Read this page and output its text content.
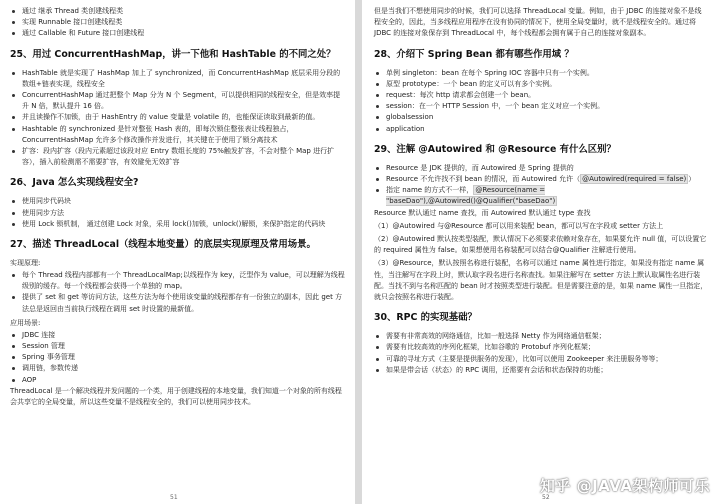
通过 继承 Thread 类创建线程类
实现 Runnable 接口创建线程类
通过 Callable 和 Future 接口创建线程
25、用过 ConcurrentHashMap，讲一下他和 HashTable 的不同之处？
HashTable 就是实现了 HashMap 加上了 synchronized，而 ConcurrentHashMap 底层采用分段的数组+链表实现，线程安全
ConcurrentHashMap 通过把整个 Map 分为 N 个 Segment，可以提供相同的线程安全，但是效率提升 N 倍，默认提升 16 倍。
并且读操作不加锁，由于 HashEntry 的 value 变量是 volatile 的，也能保证读取到最新的值。
Hashtable 的 synchronized 是针对整张 Hash 表的，即每次锁住整张表让线程独占，ConcurrentHashMap 允许多个修改操作并发进行，其关键在于使用了锁分离技术
扩容：段内扩容（段内元素超过该段对应 Entry 数组长度的 75%触发扩容，不会对整个 Map 进行扩容），插入前检测需不需要扩容，有效避免无效扩容
26、Java 怎么实现线程安全?
使用同步代码块
使用同步方法
使用 Lock 锁机制， 通过创建 Lock 对象，采用 lock()加锁，unlock()解锁，来保护指定的代码块
27、描述 ThreadLocal（线程本地变量）的底层实现原理及常用场景。

实现原理:

每个 Thread 线程内部都有一个 ThreadLocalMap;以线程作为 key，泛型作为 value，可以理解为线程级别的缓存。每一个线程都会获得一个单独的 map。
提供了 set 和 get 等访问方法，这些方法为每个使用该变量的线程都存有一份独立的副本，因此 get 方法总是返回由当前执行线程在调用 set 时设置的最新值。

应用场景:

JDBC 连接
Session 管理
Spring 事务管理
调用链，参数传递
AOP

ThreadLocal 是一个解决线程并发问题的一个类，用于创建线程的本地变量，我们知道一个对象的所有线程会共享它的全局变量，所以这些变量不是线程安全的，我们可以使用同步技术。

51

但是当我们不想使用同步的时候，我们可以选择 ThreadLocal 变量。例如，由于 JDBC 的连接对象不是线程安全的，因此，当多线程应用程序在没有协同的情况下，使用全局变量时，就不是线程安全的。通过将 JDBC 的连接对象保存到 ThreadLocal 中，每个线程都会拥有属于自己的连接对象副本。

28、介绍下 Spring Bean 都有哪些作用域 ？
单例 singleton：bean 在每个 Spring IOC 容器中只有一个实例。
原型 prototype：一个 bean 的定义可以有多个实例。
request：每次 http 请求都会创建一个 bean。
session：在一个 HTTP Session 中，一个 bean 定义对应一个实例。
globalsession
application
29、注解 @Autowired 和 @Resource 有什么区别？
Resource 是 JDK 提供的，而 Autowired 是 Spring 提供的
Resource 不允许找不到 bean 的情况，而 Autowired 允许（ @Autowired(required = false) ）
指定 name 的方式不一样， @Resource(name = "baseDao"),@Autowired()@Qualifier("baseDao")

Resource 默认通过 name 查找，而 Autowired 默认通过 type 查找

（1）@Autowired 与@Resource 都可以用来装配 bean，都可以写在字段或 setter 方法上

（2）@Autowired 默认按类型装配，默认情况下必须要求依赖对象存在，如果要允许 null 值，可以设置它的 required 属性为 false。如果想使用名称装配可以结合@Qualifier 注解进行使用。

（3）@Resource，默认按照名称进行装配，名称可以通过 name 属性进行指定，如果没有指定 name 属性，当注解写在字段上时，默认取字段名进行名称查找。如果注解写在 setter 方法上默认取属性名进行装配。当找不到与名称匹配的 bean 时才按照类型进行装配。但是需要注意的是，如果 name 属性一旦指定，就只会按照名称进行装配。

30、RPC 的实现基础？
需要有非常高效的网络通信，比如一般选择 Netty 作为网络通信框架；
需要有比较高效的序列化框架，比如谷歌的 Protobuf 序列化框架；
可靠的寻址方式（主要是提供服务的发现），比如可以使用 Zookeeper 来注册服务等等；
如果是带会话（状态）的 RPC 调用，还需要有会话和状态保持的功能；
52
知乎 @JAVA架构师可乐
